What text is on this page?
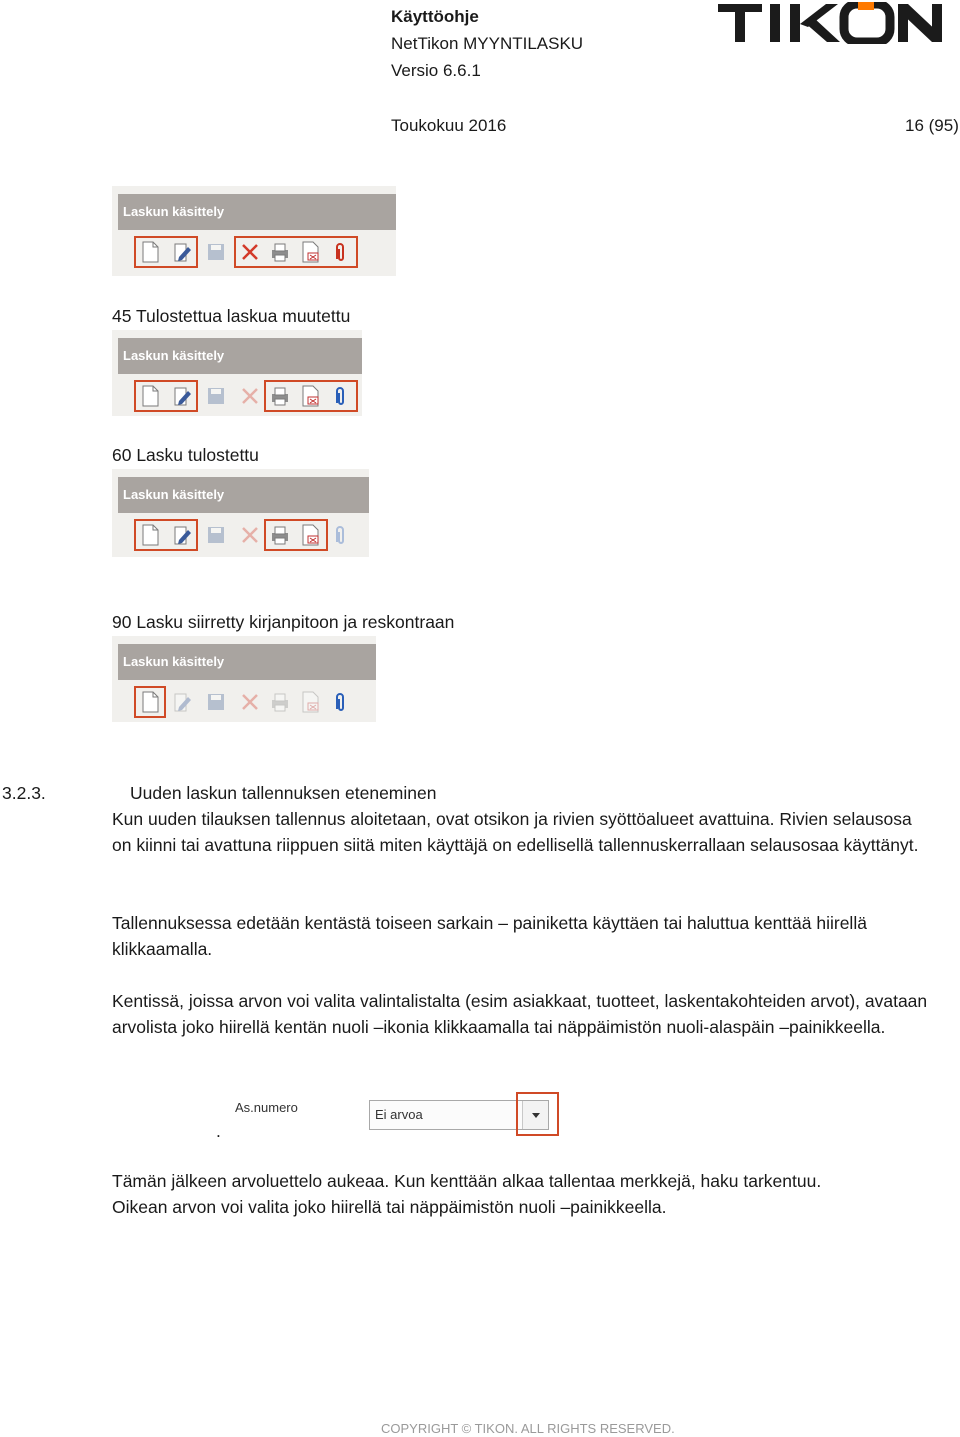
Käyttöohje
NetTikon MYYNTILASKU
Versio 6.6.1
Toukokuu 2016	16 (95)
Laskun käsittely
45 Tulostettua laskua muutettu
Laskun käsittely
60 Lasku tulostettu
Laskun käsittely
90 Lasku siirretty kirjanpitoon ja reskontraan
Laskun käsittely
3.2.3.	Uuden laskun tallennuksen eteneminen
Kun uuden tilauksen tallennus aloitetaan, ovat otsikon ja rivien syöttöalueet avattuina. Rivien selausosa on kiinni tai avattuna riippuen siitä miten käyttäjä on edellisellä tallennuskerrallaan selausosaa käyttänyt.
Tallennuksessa edetään kentästä toiseen sarkain – painiketta käyttäen tai haluttua kenttää hiirellä klikkaamalla.
Kentissä, joissa arvon voi valita valintalistalta (esim asiakkaat, tuotteet, laskentakohteiden arvot), avataan arvolista joko hiirellä kentän nuoli –ikonia klikkaamalla tai näppäimistön nuoli-alaspäin –painikkeella.
.
As.numero	Ei arvoa
Tämän jälkeen arvoluettelo aukeaa. Kun kenttään alkaa tallentaa merkkejä, haku tarkentuu.
Oikean arvon voi valita joko hiirellä tai näppäimistön nuoli –painikkeella.
COPYRIGHT © TIKON. ALL RIGHTS RESERVED.
